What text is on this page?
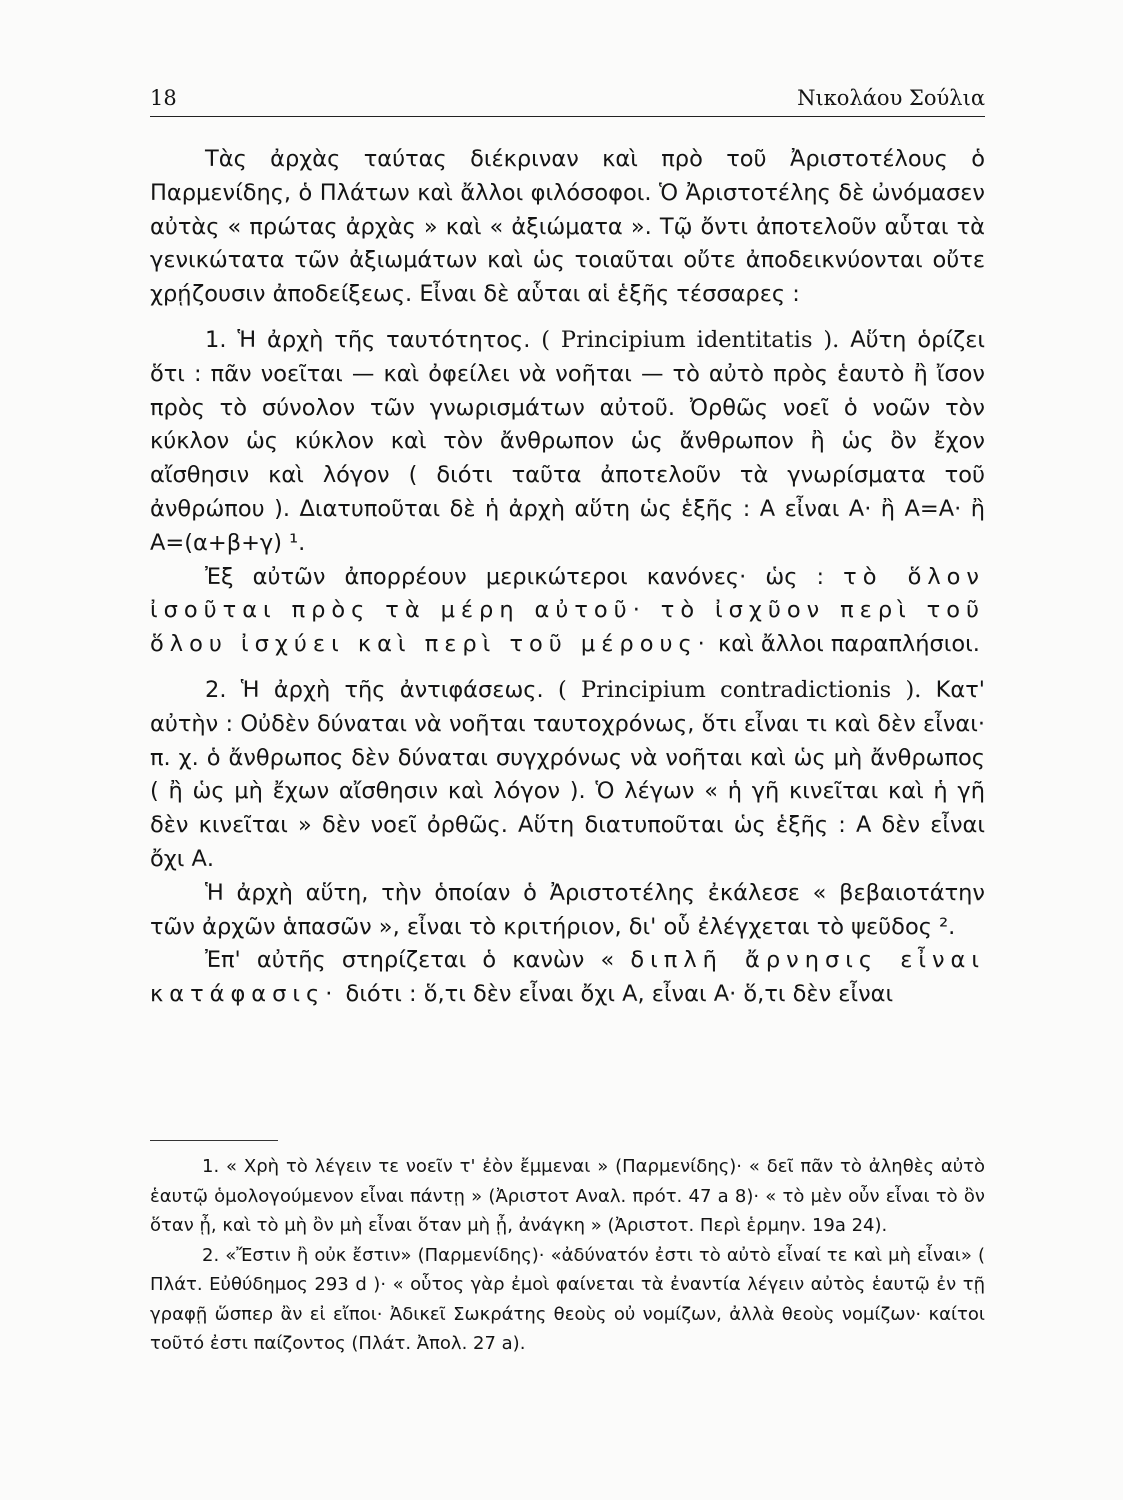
18	Νικολάου Σούλια

Τὰς ἀρχὰς ταύτας διέκριναν καὶ πρὸ τοῦ Ἀριστοτέλους ὁ Παρμενίδης, ὁ Πλάτων καὶ ἄλλοι φιλόσοφοι. Ὁ Ἀριστοτέλης δὲ ὠνόμασεν αὐτὰς « πρώτας ἀρχὰς » καὶ « ἀξιώματα ». Τῷ ὄντι ἀποτελοῦν αὗται τὰ γενικώτατα τῶν ἀξιωμάτων καὶ ὡς τοιαῦται οὔτε ἀποδεικνύονται οὔτε χρῄζουσιν ἀποδείξεως. Εἶναι δὲ αὗται αἱ ἑξῆς τέσσαρες :

1. Ἡ ἀρχὴ τῆς ταυτότητος. ( Principium identitatis ). Αὕτη ὁρίζει ὅτι : πᾶν νοεῖται — καὶ ὀφείλει νὰ νοῆται — τὸ αὐτὸ πρὸς ἑαυτὸ ἢ ἴσον πρὸς τὸ σύνολον τῶν γνωρισμάτων αὐτοῦ. Ὀρθῶς νοεῖ ὁ νοῶν τὸν κύκλον ὡς κύκλον καὶ τὸν ἄνθρωπον ὡς ἄνθρωπον ἢ ὡς ὂν ἔχον αἴσθησιν καὶ λόγον ( διότι ταῦτα ἀποτελοῦν τὰ γνωρίσματα τοῦ ἀνθρώπου ). Διατυποῦται δὲ ἡ ἀρχὴ αὕτη ὡς ἑξῆς : Α εἶναι Α· ἢ Α=Α· ἢ Α=(α+β+γ) ¹.

Ἐξ αὐτῶν ἀπορρέουν μερικώτεροι κανόνες· ὡς : τὸ ὅλον ἰσοῦται πρὸς τὰ μέρη αὐτοῦ· τὸ ἰσχῦον περὶ τοῦ ὅλου ἰσχύει καὶ περὶ τοῦ μέρους· καὶ ἄλλοι παραπλήσιοι.

2. Ἡ ἀρχὴ τῆς ἀντιφάσεως. ( Principium contradictionis ). Κατ' αὐτὴν : Οὐδὲν δύναται νὰ νοῆται ταυτοχρόνως, ὅτι εἶναι τι καὶ δὲν εἶναι· π. χ. ὁ ἄνθρωπος δὲν δύναται συγχρόνως νὰ νοῆται καὶ ὡς μὴ ἄνθρωπος ( ἢ ὡς μὴ ἔχων αἴσθησιν καὶ λόγον ). Ὁ λέγων « ἡ γῆ κινεῖται καὶ ἡ γῆ δὲν κινεῖται » δὲν νοεῖ ὀρθῶς. Αὕτη διατυποῦται ὡς ἑξῆς : Α δὲν εἶναι ὄχι Α.

Ἡ ἀρχὴ αὕτη, τὴν ὁποίαν ὁ Ἀριστοτέλης ἐκάλεσε « βεβαιοτάτην τῶν ἀρχῶν ἁπασῶν », εἶναι τὸ κριτήριον, δι' οὗ ἐλέγχεται τὸ ψεῦδος ².

Ἐπ' αὐτῆς στηρίζεται ὁ κανὼν « διπλῆ ἄρνησις εἶναι κατάφασις· διότι : ὅ,τι δὲν εἶναι ὄχι Α, εἶναι Α· ὅ,τι δὲν εἶναι

1. « Χρὴ τὸ λέγειν τε νοεῖν τ' ἐὸν ἔμμεναι » (Παρμενίδης)· « δεῖ πᾶν τὸ ἀληθὲς αὐτὸ ἑαυτῷ ὁμολογούμενον εἶναι πάντῃ » (Ἀριστοτ Αναλ. πρότ. 47 a 8)· « τὸ μὲν οὖν εἶναι τὸ ὂν ὅταν ᾖ, καὶ τὸ μὴ ὂν μὴ εἶναι ὅταν μὴ ᾖ, ἀνάγκη » (Ἀριστοτ. Περὶ ἑρμην. 19a 24).

2. «Ἔστιν ἢ οὐκ ἔστιν» (Παρμενίδης)· «ἀδύνατόν ἐστι τὸ αὐτὸ εἶναί τε καὶ μὴ εἶναι» ( Πλάτ. Εὐθύδημος 293 d )· « οὗτος γὰρ ἐμοὶ φαίνεται τὰ ἐναντία λέγειν αὐτὸς ἑαυτῷ ἐν τῇ γραφῇ ὥσπερ ἂν εἰ εἴποι· Ἀδικεῖ Σωκράτης θεοὺς οὐ νομίζων, ἀλλὰ θεοὺς νομίζων· καίτοι τοῦτό ἐστι παίζοντος (Πλάτ. Ἀπολ. 27 a).
